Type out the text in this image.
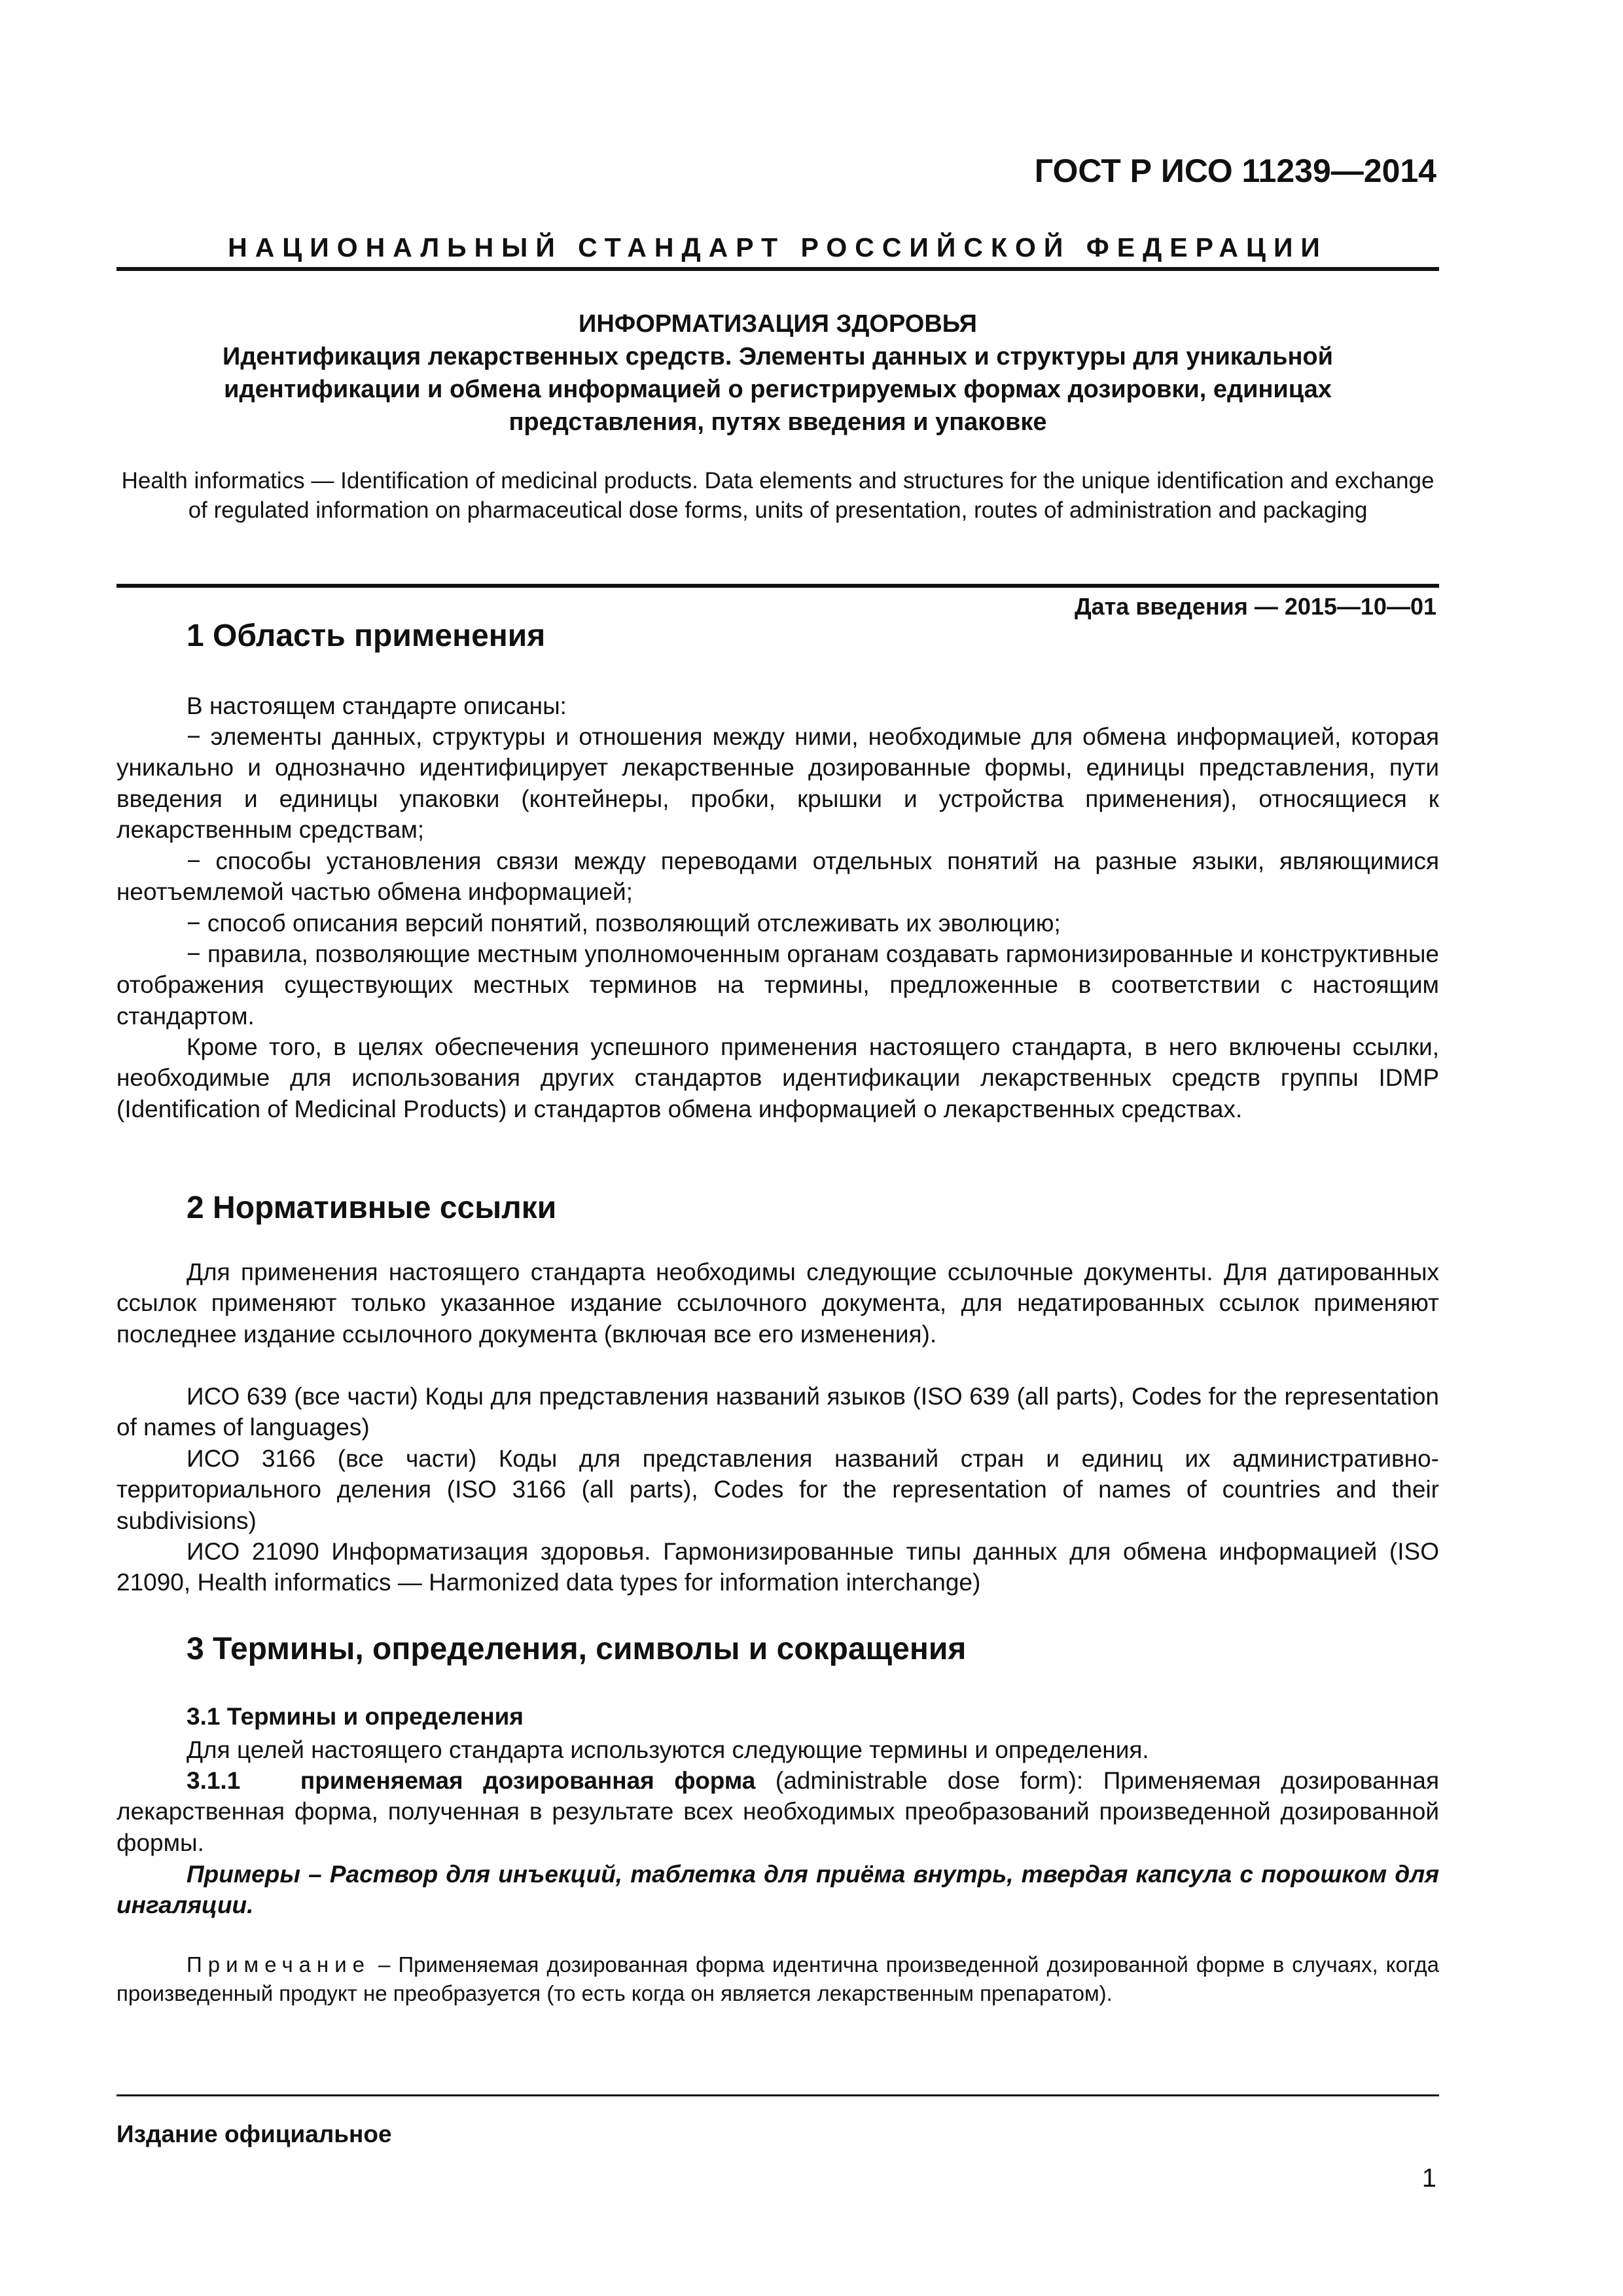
ГОСТ Р ИСО 11239—2014
НАЦИОНАЛЬНЫЙ СТАНДАРТ РОССИЙСКОЙ ФЕДЕРАЦИИ
ИНФОРМАТИЗАЦИЯ ЗДОРОВЬЯ
Идентификация лекарственных средств. Элементы данных и структуры для уникальной идентификации и обмена информацией о регистрируемых формах дозировки, единицах представления, путях введения и упаковке
Health informatics — Identification of medicinal products. Data elements and structures for the unique identification and exchange of regulated information on pharmaceutical dose forms, units of presentation, routes of administration and packaging
Дата введения — 2015—10—01
1 Область применения
В настоящем стандарте описаны:
− элементы данных, структуры и отношения между ними, необходимые для обмена информацией, которая уникально и однозначно идентифицирует лекарственные дозированные формы, единицы представления, пути введения и единицы упаковки (контейнеры, пробки, крышки и устройства применения), относящиеся к лекарственным средствам;
− способы установления связи между переводами отдельных понятий на разные языки, являющимися неотъемлемой частью обмена информацией;
− способ описания версий понятий, позволяющий отслеживать их эволюцию;
− правила, позволяющие местным уполномоченным органам создавать гармонизированные и конструктивные отображения существующих местных терминов на термины, предложенные в соответствии с настоящим стандартом.
Кроме того, в целях обеспечения успешного применения настоящего стандарта, в него включены ссылки, необходимые для использования других стандартов идентификации лекарственных средств группы IDMP (Identification of Medicinal Products) и стандартов обмена информацией о лекарственных средствах.
2 Нормативные ссылки
Для применения настоящего стандарта необходимы следующие ссылочные документы. Для датированных ссылок применяют только указанное издание ссылочного документа, для недатированных ссылок применяют последнее издание ссылочного документа (включая все его изменения).
ИСО 639 (все части) Коды для представления названий языков (ISO 639 (all parts), Codes for the representation of names of languages)
ИСО 3166 (все части) Коды для представления названий стран и единиц их административно-территориального деления (ISO 3166 (all parts), Codes for the representation of names of countries and their subdivisions)
ИСО 21090 Информатизация здоровья. Гармонизированные типы данных для обмена информацией (ISO 21090, Health informatics — Harmonized data types for information interchange)
3 Термины, определения, символы и сокращения
3.1 Термины и определения
Для целей настоящего стандарта используются следующие термины и определения.
3.1.1 применяемая дозированная форма (administrable dose form): Применяемая дозированная лекарственная форма, полученная в результате всех необходимых преобразований произведенной дозированной формы.
Примеры – Раствор для инъекций, таблетка для приёма внутрь, твердая капсула с порошком для ингаляции.
Примечание – Применяемая дозированная форма идентична произведенной дозированной форме в случаях, когда произведенный продукт не преобразуется (то есть когда он является лекарственным препаратом).
Издание официальное
1
